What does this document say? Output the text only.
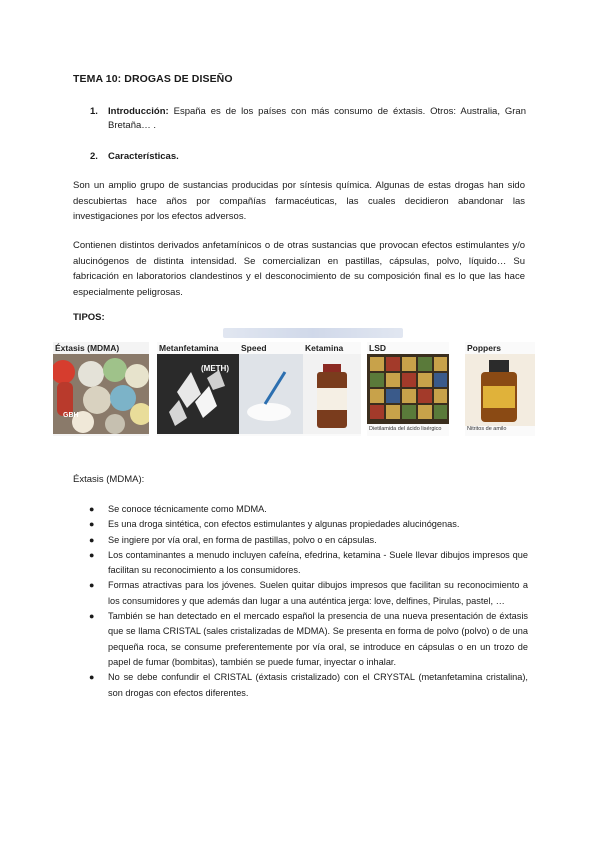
TEMA 10: DROGAS DE DISEÑO
1. Introducción: España es de los países con más consumo de éxtasis. Otros: Australia, Gran Bretaña… .
2. Características.
Son un amplio grupo de sustancias producidas por síntesis química. Algunas de estas drogas han sido descubiertas hace años por compañías farmacéuticas, las cuales decidieron abandonar las investigaciones por los efectos adversos.
Contienen distintos derivados anfetamínicos o de otras sustancias que provocan efectos estimulantes y/o alucinógenos de distinta intensidad. Se comercializan en pastillas, cápsulas, polvo, líquido… Su fabricación en laboratorios clandestinos y el desconocimiento de su composición final es lo que las hace especialmente peligrosas.
TIPOS:
Éxtasis (MDMA)
GBH
Metanfetamina
(METH)
Speed	Ketamina	LSD
Dietilamida del ácido lisérgico
Poppers
Nitritos de amilo
Éxtasis (MDMA):
● Se conoce técnicamente como MDMA.
● Es una droga sintética, con efectos estimulantes y algunas propiedades alucinógenas.
● Se ingiere por vía oral, en forma de pastillas, polvo o en cápsulas.
● Los contaminantes a menudo incluyen cafeína, efedrina, ketamina - Suele llevar dibujos impresos que facilitan su reconocimiento a los consumidores.
● Formas atractivas para los jóvenes. Suelen quitar dibujos impresos que facilitan su reconocimiento a los consumidores y que además dan lugar a una auténtica jerga: love, delfines, Pirulas, pastel, …
● También se han detectado en el mercado español la presencia de una nueva presentación de éxtasis que se llama CRISTAL (sales cristalizadas de MDMA). Se presenta en forma de polvo (polvo) o de una pequeña roca, se consume preferentemente por vía oral, se introduce en cápsulas o en un trozo de papel de fumar (bombitas), también se puede fumar, inyectar o inhalar.
● No se debe confundir el CRISTAL (éxtasis cristalizado) con el CRYSTAL (metanfetamina cristalina), son drogas con efectos diferentes.
